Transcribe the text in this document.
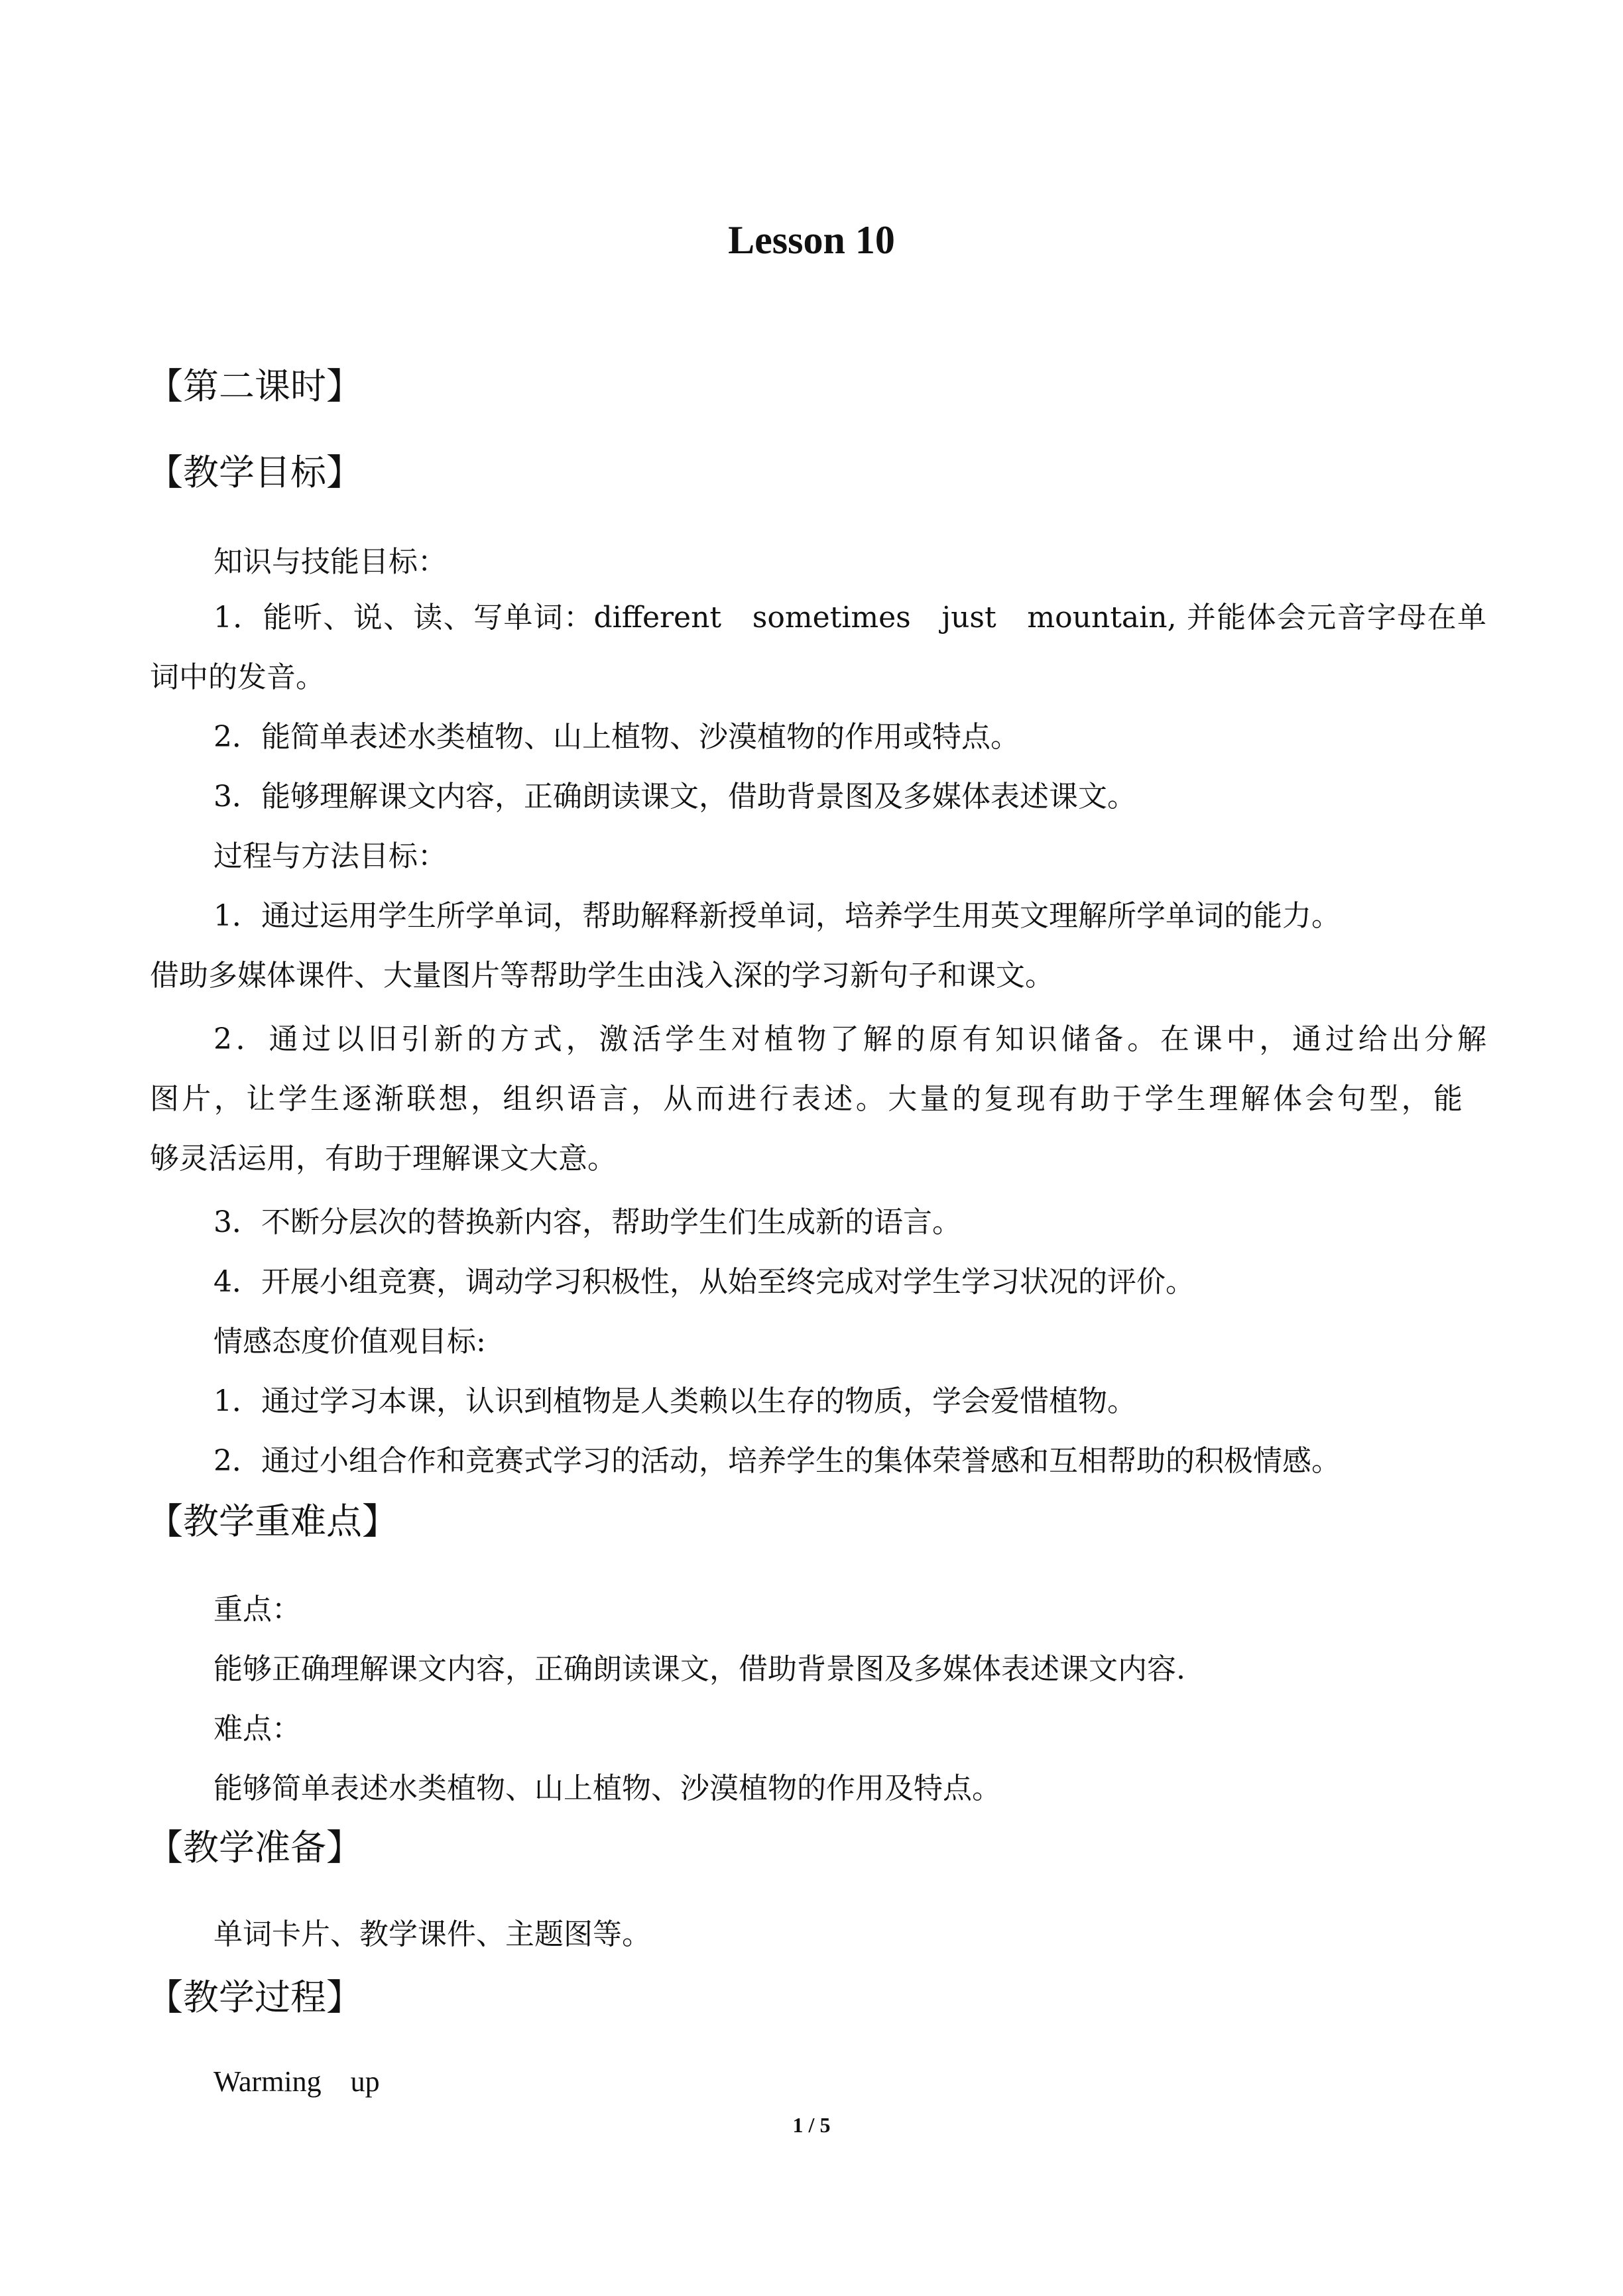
Lesson 10
【第二课时】
【教学目标】
知识与技能目标：
1．能听、说、读、写单词：different　sometimes　just　mountain, 并能体会元音字母在单
词中的发音。
2．能简单表述水类植物、山上植物、沙漠植物的作用或特点。
3．能够理解课文内容，正确朗读课文，借助背景图及多媒体表述课文。
过程与方法目标：
1．通过运用学生所学单词，帮助解释新授单词，培养学生用英文理解所学单词的能力。
借助多媒体课件、大量图片等帮助学生由浅入深的学习新句子和课文。
2．通过以旧引新的方式，激活学生对植物了解的原有知识储备。在课中，通过给出分解
图片，让学生逐渐联想，组织语言，从而进行表述。大量的复现有助于学生理解体会句型，能
够灵活运用，有助于理解课文大意。
3．不断分层次的替换新内容，帮助学生们生成新的语言。
4．开展小组竞赛，调动学习积极性，从始至终完成对学生学习状况的评价。
情感态度价值观目标:
1．通过学习本课，认识到植物是人类赖以生存的物质，学会爱惜植物。
2．通过小组合作和竞赛式学习的活动，培养学生的集体荣誉感和互相帮助的积极情感。
【教学重难点】
重点：
能够正确理解课文内容，正确朗读课文，借助背景图及多媒体表述课文内容.
难点：
能够简单表述水类植物、山上植物、沙漠植物的作用及特点。
【教学准备】
单词卡片、教学课件、主题图等。
【教学过程】
Warming　up
1 / 5
